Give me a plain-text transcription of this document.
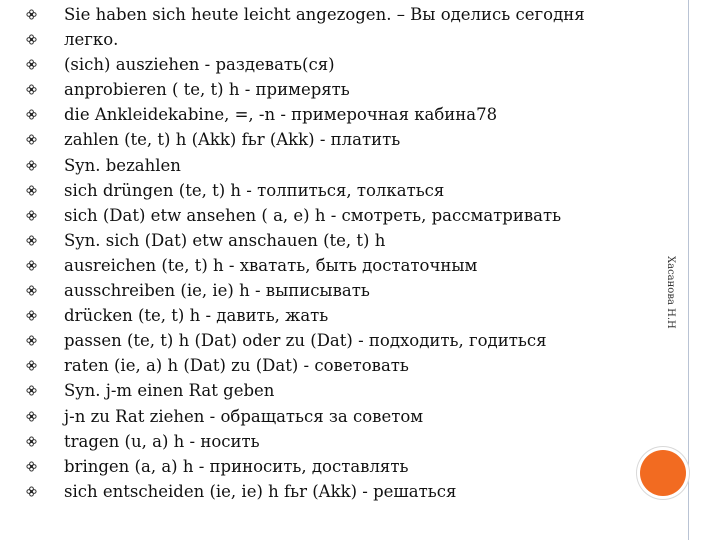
Sie haben sich heute leicht angezogen. – Вы оделись сегодня
легко.
(sich) ausziehen - раздевать(ся)
anprobieren ( te, t) h - примерять
die Ankleidekabine, =, -n - примерочная кабина78
zahlen (te, t) h (Akk) fьr (Akk) - платить
Syn. bezahlen
sich drüngen (te, t) h - толпиться, толкаться
sich (Dat) etw ansehen ( a, e) h - смотреть, рассматривать
Syn. sich (Dat) etw anschauen (te, t) h
ausreichen (te, t) h - хватать, быть достаточным
ausschreiben (ie, ie) h - выписывать
drücken (te, t) h - давить, жать
passen (te, t) h (Dat) oder zu (Dat) - подходить, годиться
raten (ie, a) h (Dat) zu (Dat) - советовать
Syn. j-m einen Rat geben
j-n zu Rat ziehen - обращаться за советом
tragen (u, a) h - носить
bringen (a, a) h - приносить, доставлять
sich entscheiden (ie, ie) h fьr (Akk) - решаться
Хасанова Н.Н
